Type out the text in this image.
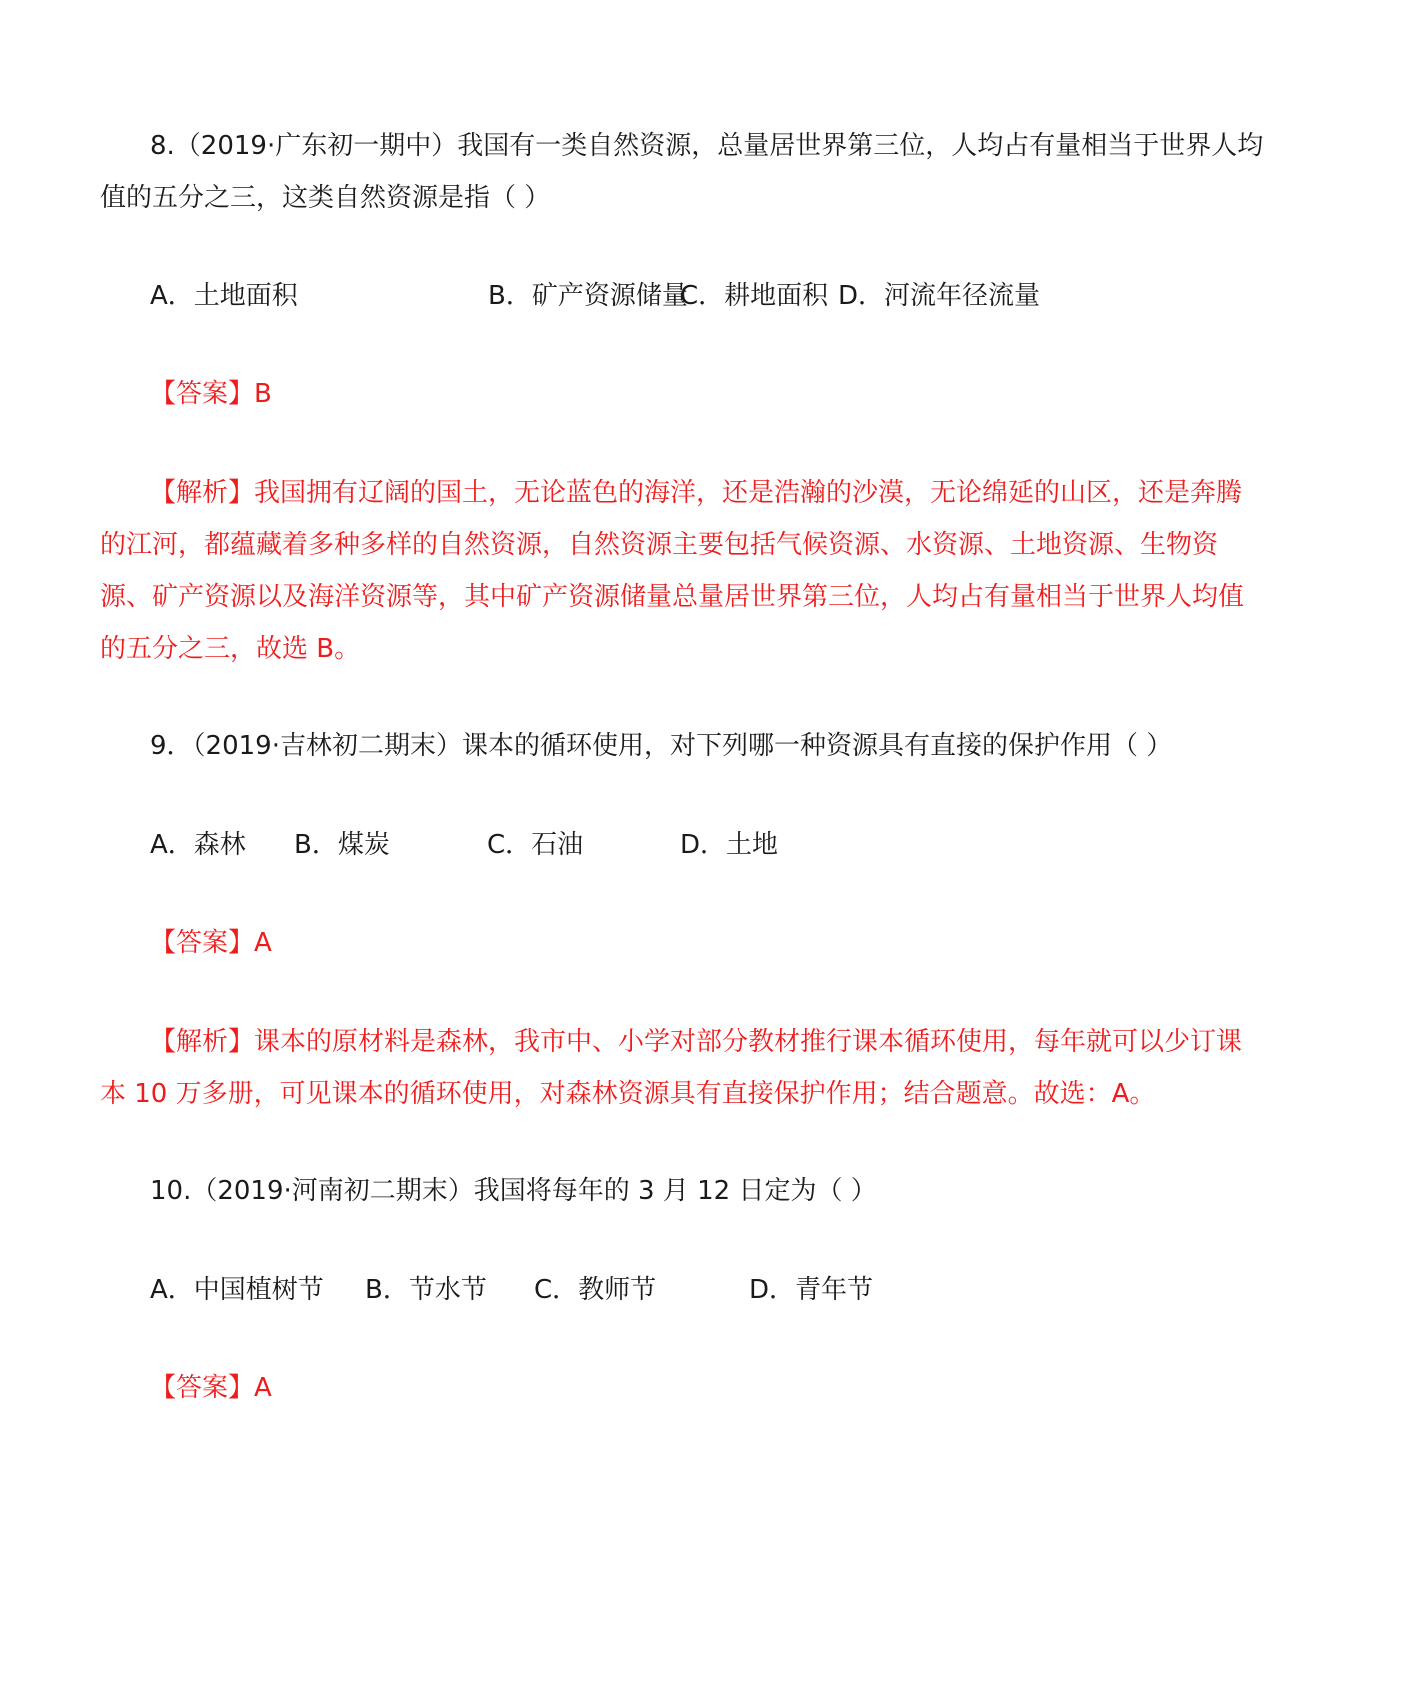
8.（2019·广东初一期中）我国有一类自然资源，总量居世界第三位，人均占有量相当于世界人均
值的五分之三，这类自然资源是指（ ）
A．土地面积	B．矿产资源储量
C．耕地面积 D．河流年径流量
【答案】B
【解析】我国拥有辽阔的国土，无论蓝色的海洋，还是浩瀚的沙漠，无论绵延的山区，还是奔腾
的江河，都蕴藏着多种多样的自然资源，自然资源主要包括气候资源、水资源、土地资源、生物资
源、矿产资源以及海洋资源等，其中矿产资源储量总量居世界第三位，人均占有量相当于世界人均值
的五分之三，故选 B。
9．（2019·吉林初二期末）课本的循环使用，对下列哪一种资源具有直接的保护作用（ ）
A．森林 B．煤炭	C．石油	D．土地
【答案】A
【解析】课本的原材料是森林，我市中、小学对部分教材推行课本循环使用，每年就可以少订课
本 10 万多册，可见课本的循环使用，对森林资源具有直接保护作用；结合题意。故选：A。
10.（2019·河南初二期末）我国将每年的 3 月 12 日定为（ ）
A．中国植树节 B．节水节 C．教师节	D．青年节
【答案】A
